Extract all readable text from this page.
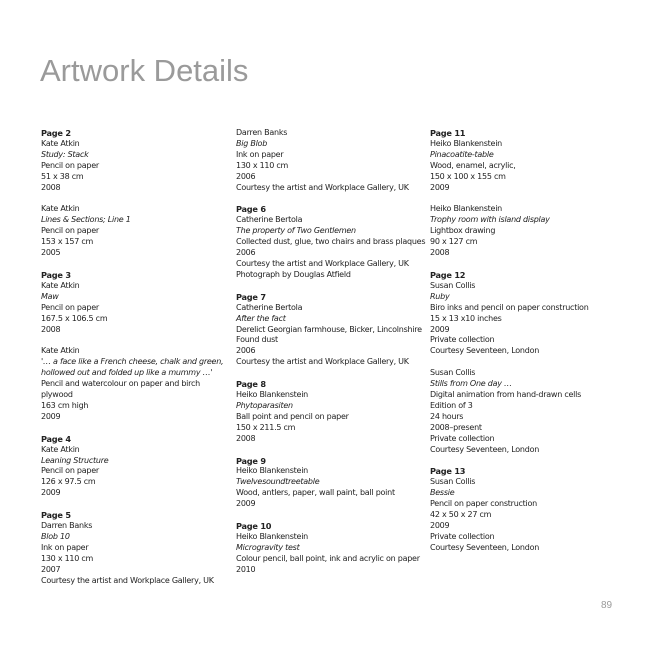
Artwork Details
Page 2
Kate Atkin
Study: Stack
Pencil on paper
51 x 38 cm
2008
Kate Atkin
Lines & Sections; Line 1
Pencil on paper
153 x 157 cm
2005
Page 3
Kate Atkin
Maw
Pencil on paper
167.5 x 106.5 cm
2008
Kate Atkin
'… a face like a French cheese, chalk and green, hollowed out and folded up like a mummy …'
Pencil and watercolour on paper and birch plywood
163 cm high
2009
Page 4
Kate Atkin
Leaning Structure
Pencil on paper
126 x 97.5 cm
2009
Page 5
Darren Banks
Blob 10
Ink on paper
130 x 110 cm
2007
Courtesy the artist and Workplace Gallery, UK
Darren Banks
Big Blob
Ink on paper
130 x 110 cm
2006
Courtesy the artist and Workplace Gallery, UK
Page 6
Catherine Bertola
The property of Two Gentlemen
Collected dust, glue, two chairs and brass plaques
2006
Courtesy the artist and Workplace Gallery, UK
Photograph by Douglas Atfield
Page 7
Catherine Bertola
After the fact
Derelict Georgian farmhouse, Bicker, Lincolnshire
Found dust
2006
Courtesy the artist and Workplace Gallery, UK
Page 8
Heiko Blankenstein
Phytoparasiten
Ball point and pencil on paper
150 x 211.5 cm
2008
Page 9
Heiko Blankenstein
Twelvesoundtreetable
Wood, antlers, paper, wall paint, ball point
2009
Page 10
Heiko Blankenstein
Microgravity test
Colour pencil, ball point, ink and acrylic on paper
2010
Page 11
Heiko Blankenstein
Pinacoatite-table
Wood, enamel, acrylic,
150 x 100 x 155 cm
2009
Heiko Blankenstein
Trophy room with island display
Lightbox drawing
90 x 127 cm
2008
Page 12
Susan Collis
Ruby
Biro inks and pencil on paper construction
15 x 13 x10 inches
2009
Private collection
Courtesy Seventeen, London
Susan Collis
Stills from One day …
Digital animation from hand-drawn cells
Edition of 3
24 hours
2008–present
Private collection
Courtesy Seventeen, London
Page 13
Susan Collis
Bessie
Pencil on paper construction
42 x 50 x 27 cm
2009
Private collection
Courtesy Seventeen, London
89
